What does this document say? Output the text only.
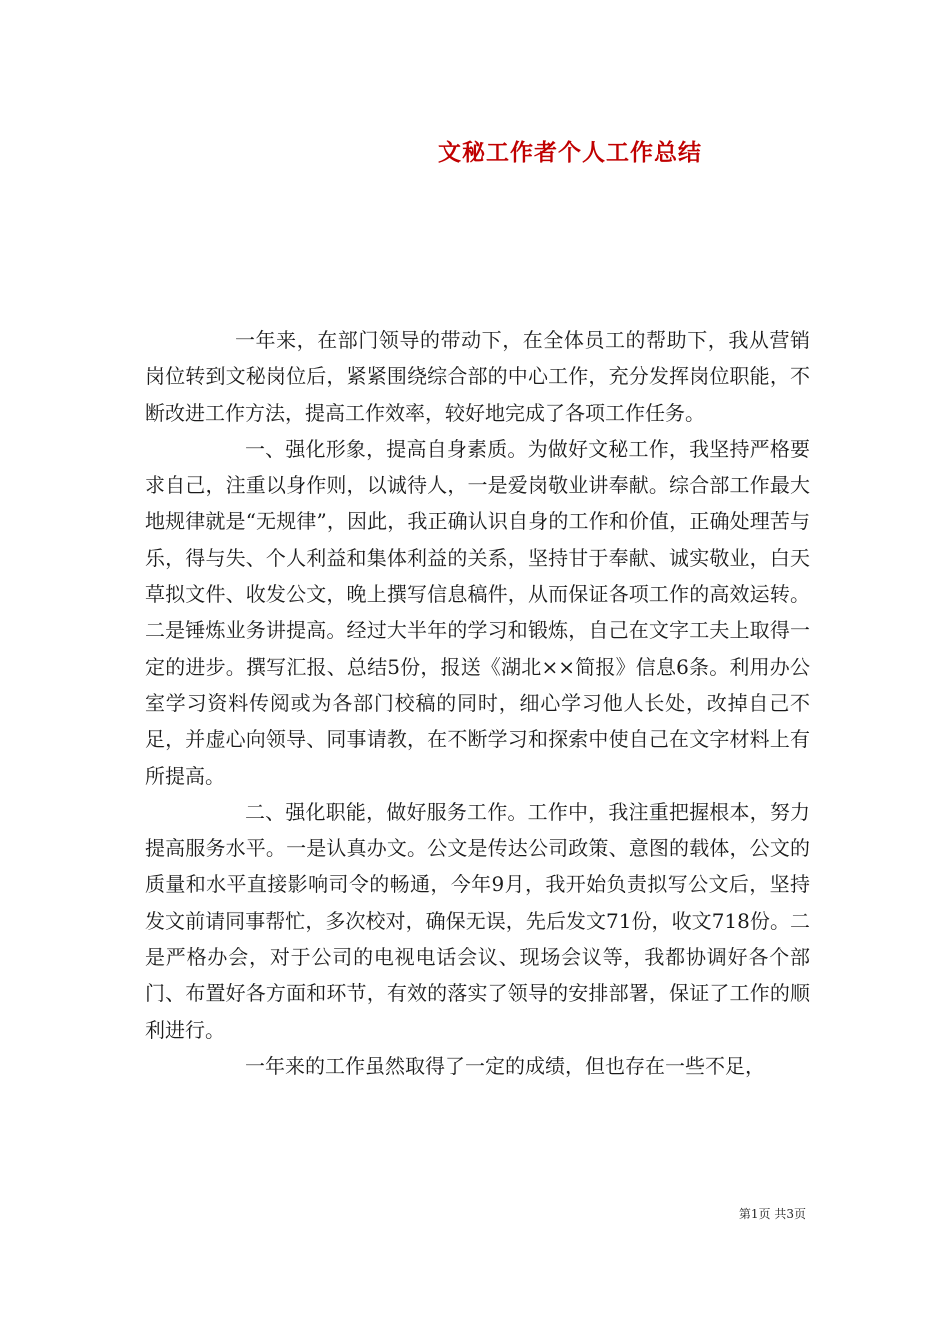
文秘工作者个人工作总结

一年来，在部门领导的带动下，在全体员工的帮助下，我从营销岗位转到文秘岗位后，紧紧围绕综合部的中心工作，充分发挥岗位职能，不断改进工作方法，提高工作效率，较好地完成了各项工作任务。

一、强化形象，提高自身素质。为做好文秘工作，我坚持严格要求自己，注重以身作则，以诚待人，一是爱岗敬业讲奉献。综合部工作最大地规律就是“无规律”，因此，我正确认识自身的工作和价值，正确处理苦与乐，得与失、个人利益和集体利益的关系，坚持甘于奉献、诚实敬业，白天草拟文件、收发公文，晚上撰写信息稿件，从而保证各项工作的高效运转。二是锤炼业务讲提高。经过大半年的学习和锻炼，自己在文字工夫上取得一定的进步。撰写汇报、总结5份，报送《湖北××简报》信息6条。利用办公室学习资料传阅或为各部门校稿的同时，细心学习他人长处，改掉自己不足，并虚心向领导、同事请教，在不断学习和探索中使自己在文字材料上有所提高。

二、强化职能，做好服务工作。工作中，我注重把握根本，努力提高服务水平。一是认真办文。公文是传达公司政策、意图的载体，公文的质量和水平直接影响司令的畅通，今年9月，我开始负责拟写公文后，坚持发文前请同事帮忙，多次校对，确保无误，先后发文71份，收文718份。二是严格办会，对于公司的电视电话会议、现场会议等，我都协调好各个部门、布置好各方面和环节，有效的落实了领导的安排部署，保证了工作的顺利进行。

一年来的工作虽然取得了一定的成绩，但也存在一些不足，

第1页 共3页
